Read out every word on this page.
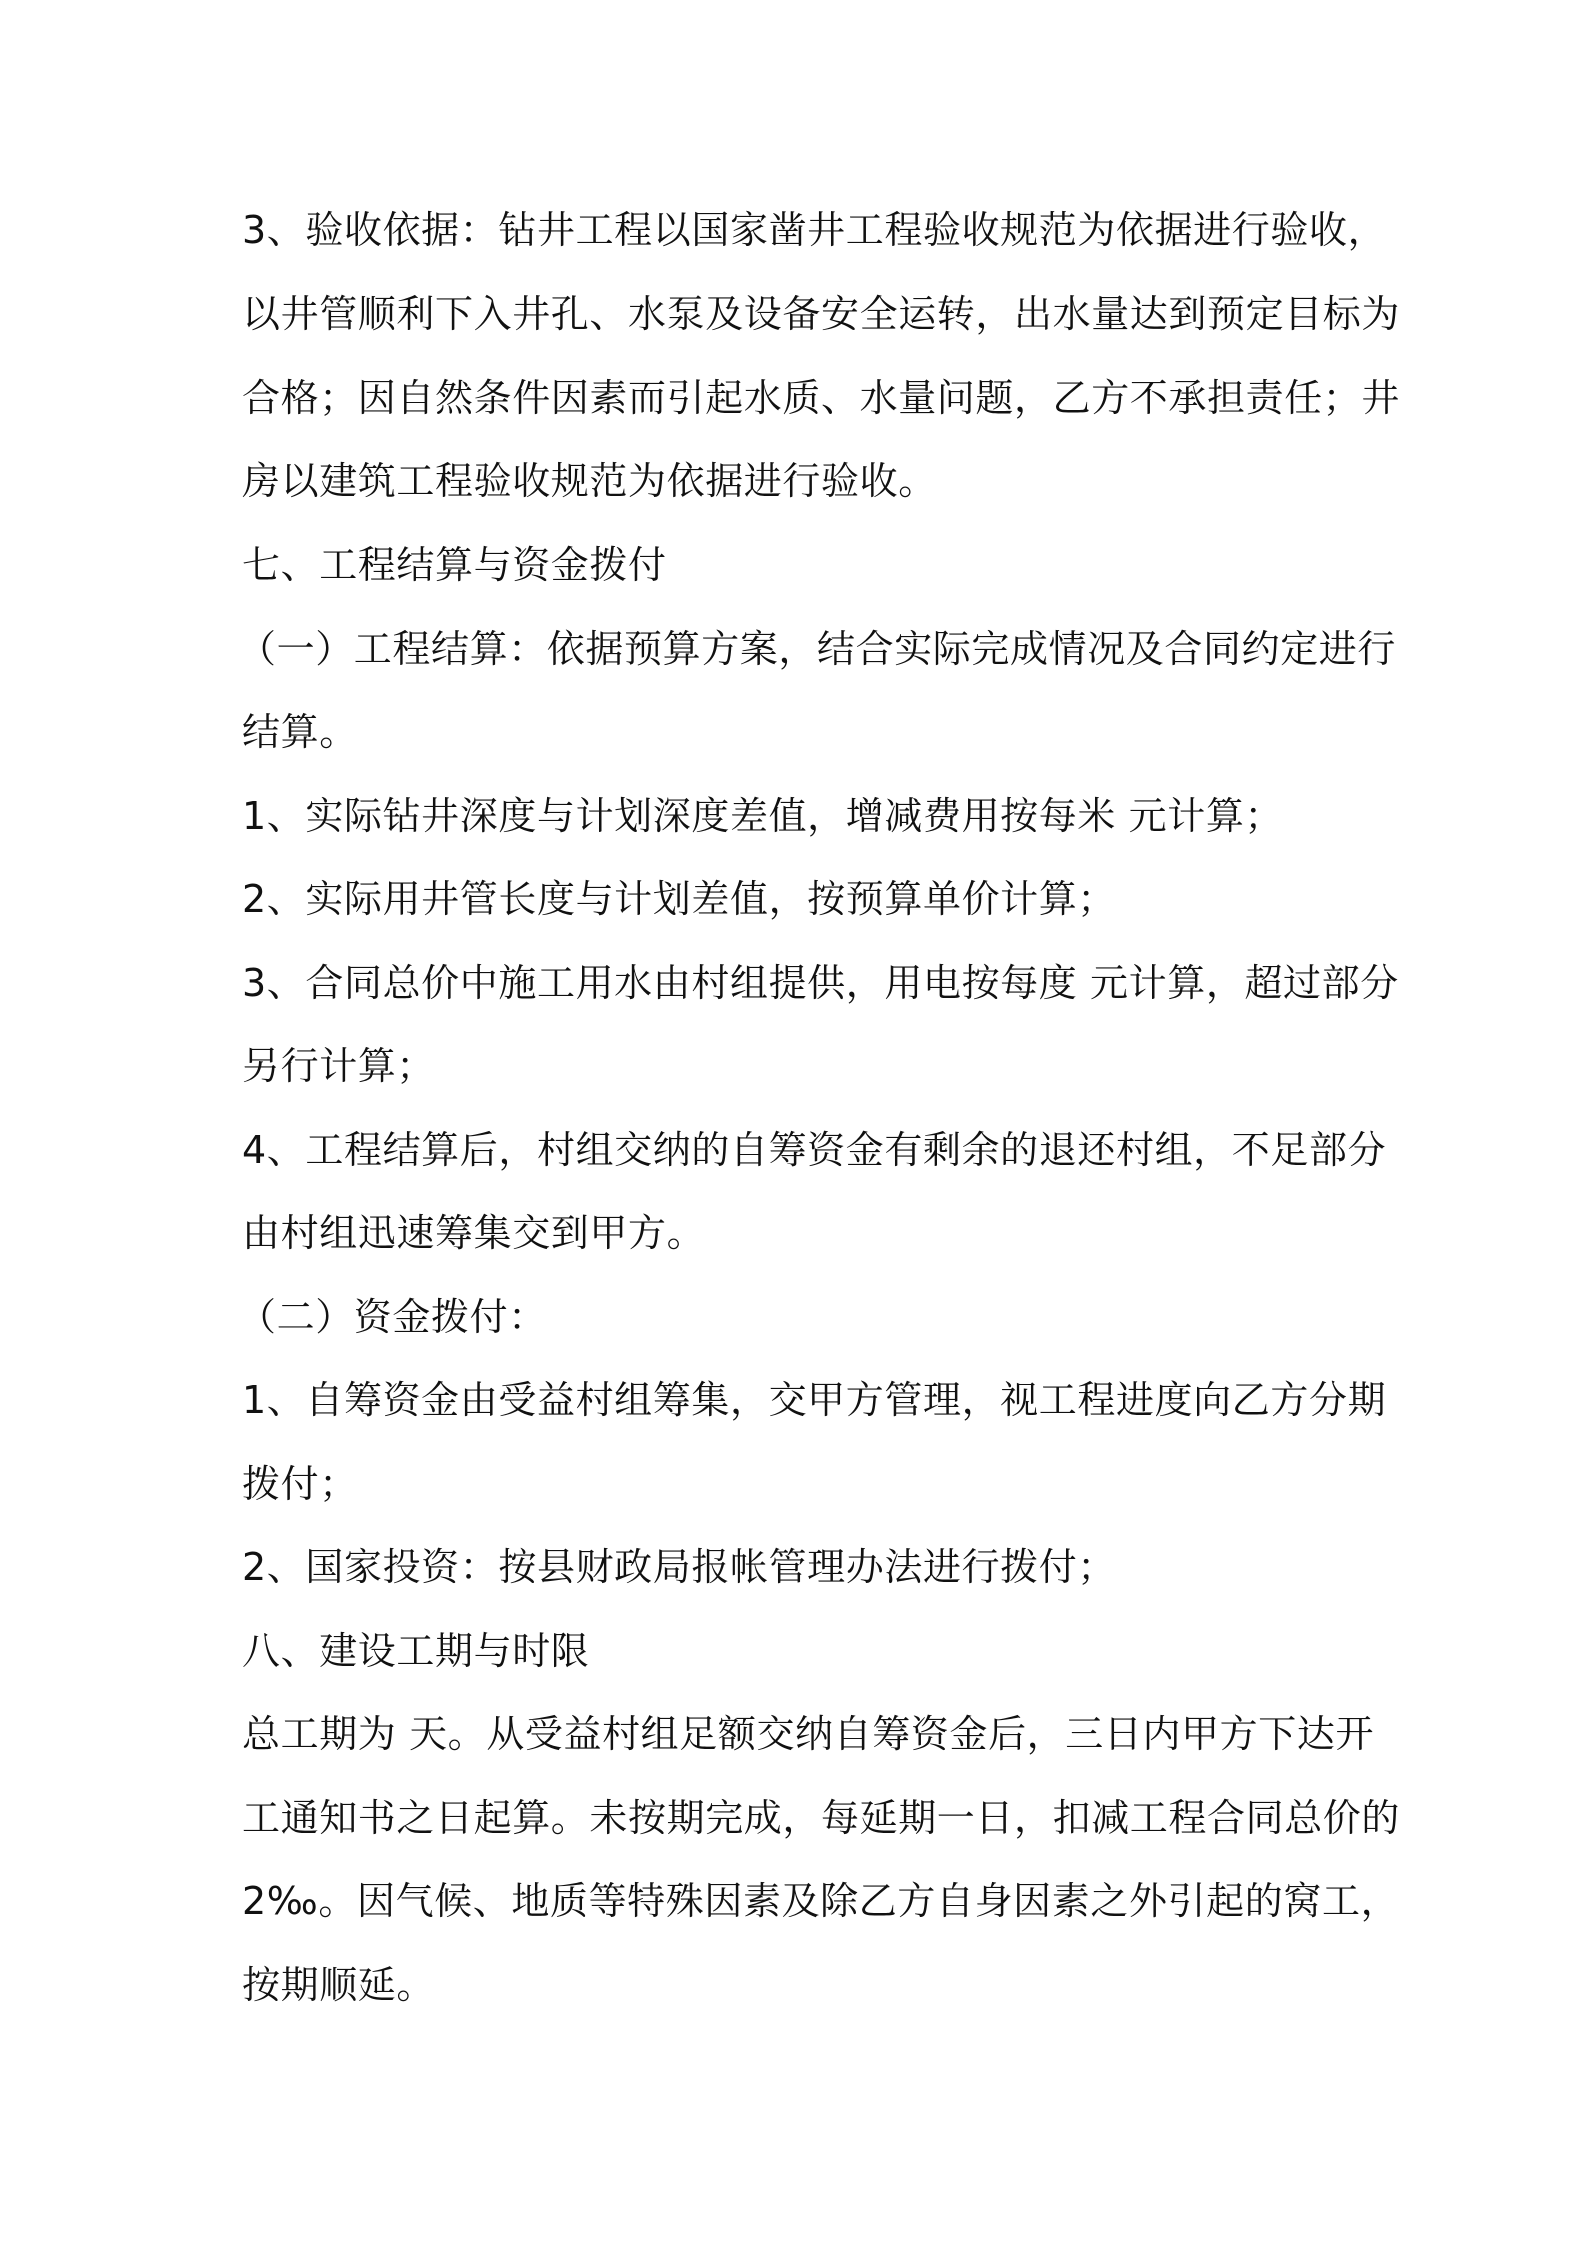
3、验收依据：钻井工程以国家凿井工程验收规范为依据进行验收，
以井管顺利下入井孔、水泵及设备安全运转，出水量达到预定目标为
合格；因自然条件因素而引起水质、水量问题，乙方不承担责任；井
房以建筑工程验收规范为依据进行验收。
七、工程结算与资金拨付
（一）工程结算：依据预算方案，结合实际完成情况及合同约定进行
结算。
1、实际钻井深度与计划深度差值，增减费用按每米 元计算；
2、实际用井管长度与计划差值，按预算单价计算；
3、合同总价中施工用水由村组提供，用电按每度 元计算，超过部分
另行计算；
4、工程结算后，村组交纳的自筹资金有剩余的退还村组，不足部分
由村组迅速筹集交到甲方。
（二）资金拨付：
1、自筹资金由受益村组筹集，交甲方管理，视工程进度向乙方分期
拨付；
2、国家投资：按县财政局报帐管理办法进行拨付；
八、建设工期与时限
总工期为 天。从受益村组足额交纳自筹资金后，三日内甲方下达开
工通知书之日起算。未按期完成，每延期一日，扣减工程合同总价的
2‰。因气候、地质等特殊因素及除乙方自身因素之外引起的窝工，
按期顺延。
